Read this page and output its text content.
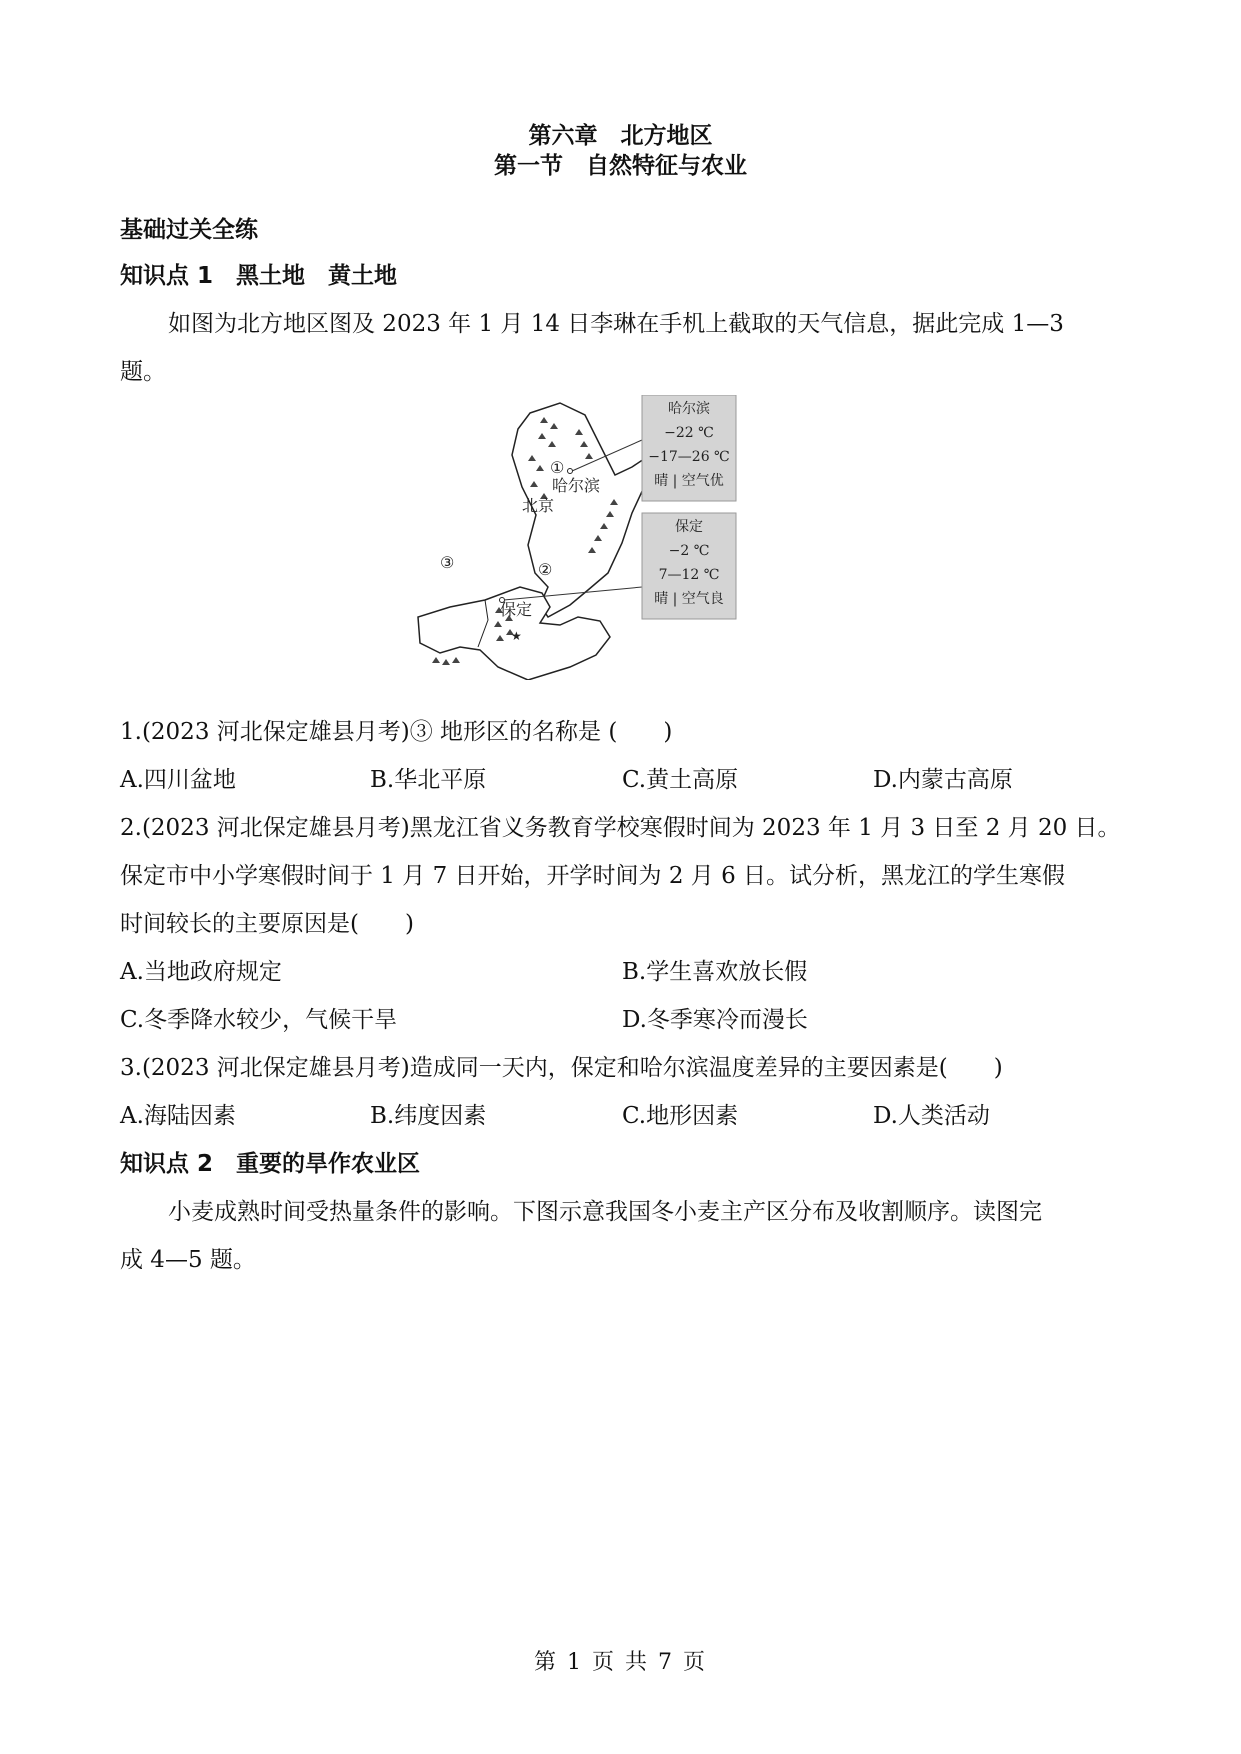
第六章　北方地区
第一节　自然特征与农业
基础过关全练
知识点 1　黑土地　黄土地
如图为北方地区图及 2023 年 1 月 14 日李琳在手机上截取的天气信息，据此完成 1—3
题。
★
哈尔滨
北京
保定
①
②
③
哈尔滨
−22 ℃
−17—26 ℃
晴 | 空气优
保定
−2 ℃
7—12 ℃
晴 | 空气良
1.(2023 河北保定雄县月考)③ 地形区的名称是 (　　)
A.四川盆地	B.华北平原	C.黄土高原	D.内蒙古高原
2.(2023 河北保定雄县月考)黑龙江省义务教育学校寒假时间为 2023 年 1 月 3 日至 2 月 20 日。
保定市中小学寒假时间于 1 月 7 日开始，开学时间为 2 月 6 日。试分析，黑龙江的学生寒假
时间较长的主要原因是(　　)
A.当地政府规定	B.学生喜欢放长假
C.冬季降水较少，气候干旱	D.冬季寒冷而漫长
3.(2023 河北保定雄县月考)造成同一天内，保定和哈尔滨温度差异的主要因素是(　　)
A.海陆因素	B.纬度因素	C.地形因素	D.人类活动
知识点 2　重要的旱作农业区
小麦成熟时间受热量条件的影响。下图示意我国冬小麦主产区分布及收割顺序。读图完
成 4—5 题。
第 1 页 共 7 页
